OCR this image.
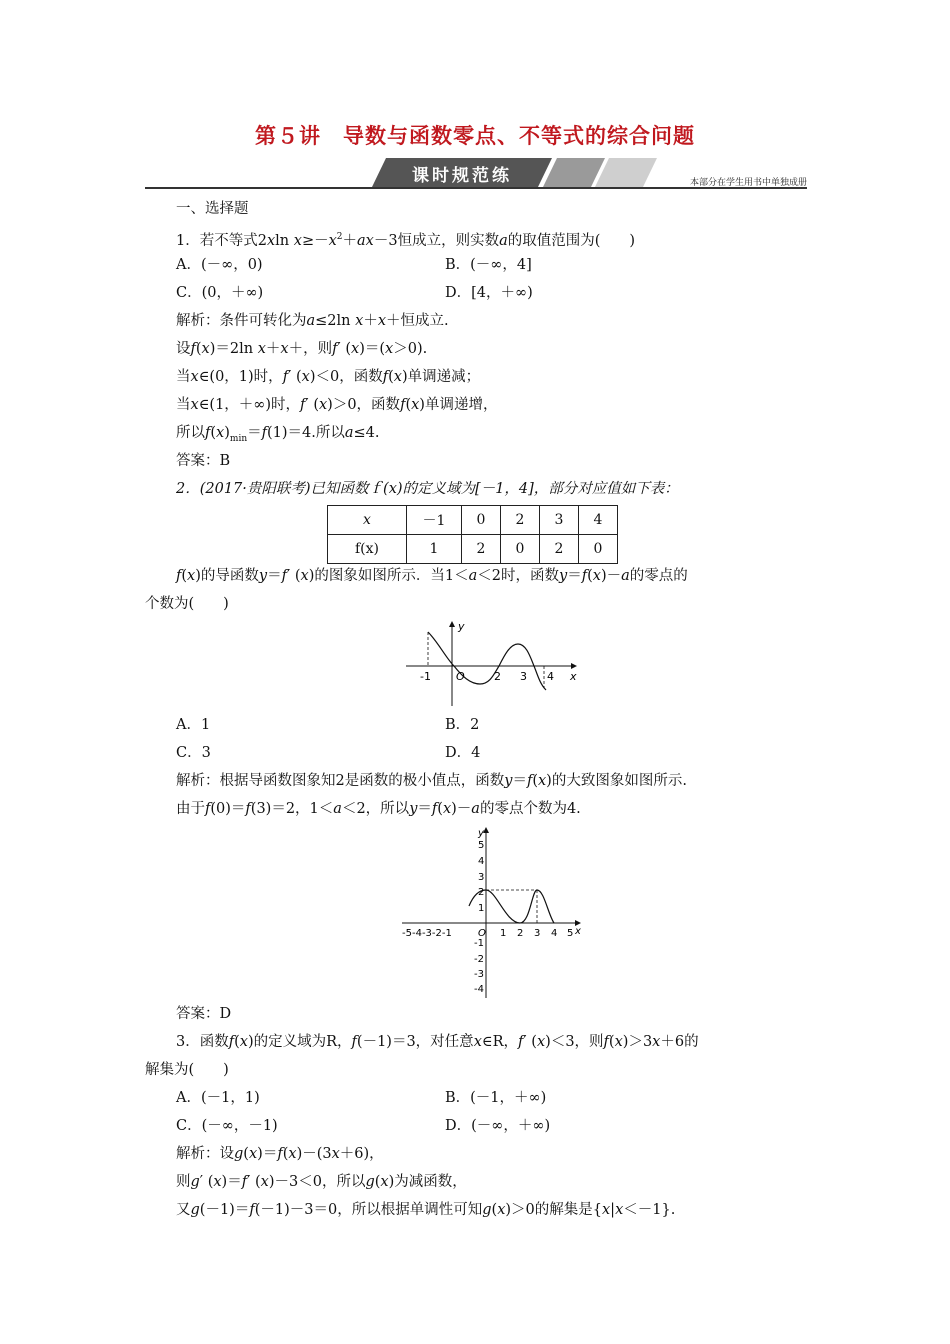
第５讲　导数与函数零点、不等式的综合问题
课时规范练	本部分在学生用书中单独成册
一、选择题
1．若不等式2xln $x\ge-x^2+ax-3$恒成立，则实数a的取值范围为(　　)
A．(－∞，0)	B．(－∞，4]
C．(0，＋∞)	D．[4，＋∞)
解析：条件可转化为a≤2ln x＋x＋恒成立.
设f(x)＝2ln x＋x＋，则f′ (x)＝(x＞0).
当x∈(0，1)时，f′ (x)＜0，函数f(x)单调递减；
当x∈(1，＋∞)时，f′ (x)＞0，函数f(x)单调递增，
所以$f(x)_{min}=f(1)=4$.所以a≤4.
答案：B
2．(2017·贵阳联考)已知函数ｆ(x)的定义域为[－1，4]，部分对应值如下表：
x	－1	0	2	3	4
f(x)	1	2	0	2	0
f(x)的导函数y＝f′ (x)的图象如图所示．当1＜a＜2时，函数y＝f(x)－a的零点的
个数为(　　)
y
x
O
-1	2 3 4
A．1	B．2
C．3	D．4
解析：根据导函数图象知2是函数的极小值点，函数y＝f(x)的大致图象如图所示.
由于f(0)＝f(3)＝2，1＜a＜2，所以y＝f(x)－a的零点个数为4.
y
x
O
-5-4-3-2-1	1 2 3 4 5
5
4
3
2
1
-1
-2
-3
-4
答案：D
3．函数f(x)的定义域为R，f(－1)＝3，对任意x∈R，f′ (x)＜3，则f(x)＞3x＋6的
解集为(　　)
A．(－1，1)	B．(－1，＋∞)
C．(－∞，－1)	D．(－∞，＋∞)
解析：设g(x)＝f(x)－(3x＋6)，
则g′ (x)＝f′ (x)－3＜0，所以g(x)为减函数，
又g(－1)＝f(－1)－3＝0，所以根据单调性可知g(x)＞0的解集是{x|x＜－1}.
